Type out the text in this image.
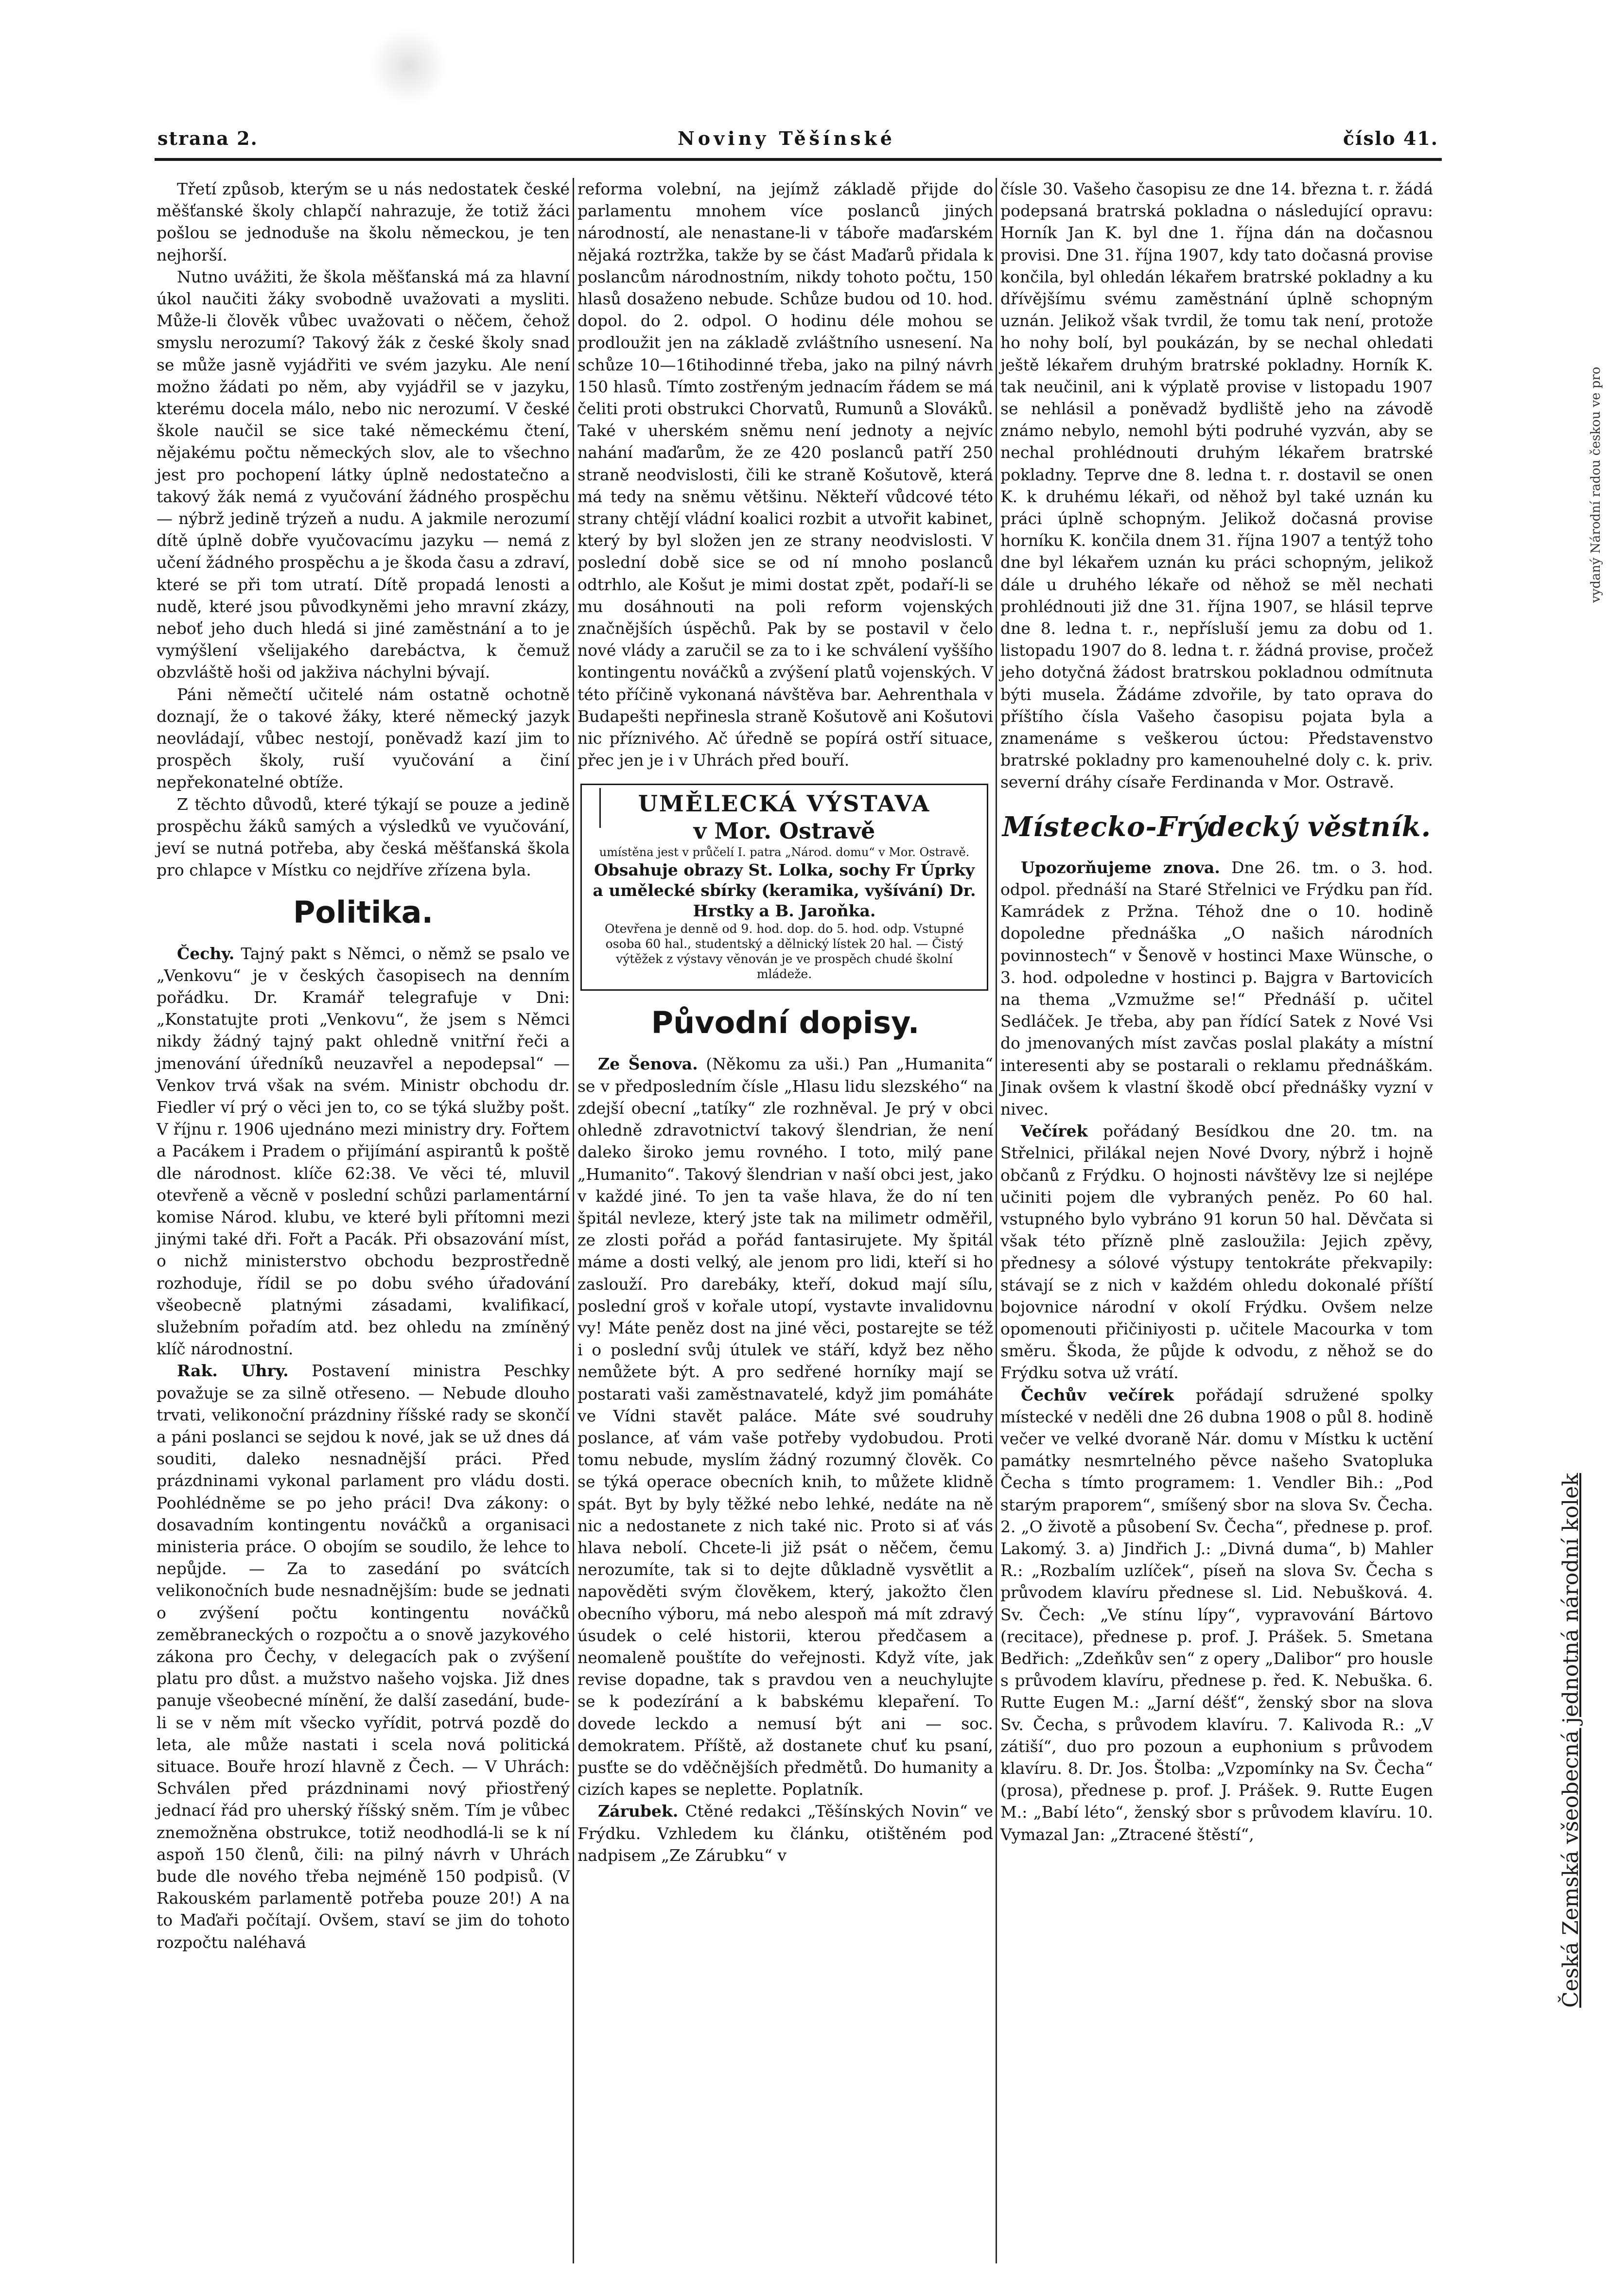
strana 2.	Noviny Těšínské	číslo 41.

Třetí způsob, kterým se u nás nedostatek české měšťanské školy chlapčí nahrazuje, že totiž žáci pošlou se jednoduše na školu německou, je ten nejhorší.

Nutno uvážiti, že škola měšťanská má za hlavní úkol naučiti žáky svobodně uvažovati a mysliti. Může-li člověk vůbec uvažovati o něčem, čehož smyslu nerozumí? Takový žák z české školy snad se může jasně vyjádřiti ve svém jazyku. Ale není možno žádati po něm, aby vyjádřil se v jazyku, kterému docela málo, nebo nic nerozumí. V české škole naučil se sice také německému čtení, nějakému počtu německých slov, ale to všechno jest pro pochopení látky úplně nedostatečno a takový žák nemá z vyučování žádného prospěchu — nýbrž jedině trýzeň a nudu. A jakmile nerozumí dítě úplně dobře vyučovacímu jazyku — nemá z učení žádného prospěchu a je škoda času a zdraví, které se při tom utratí. Dítě propadá lenosti a nudě, které jsou původkyněmi jeho mravní zkázy, neboť jeho duch hledá si jiné zaměstnání a to je vymýšlení všelijakého darebáctva, k čemuž obzvláště hoši od jakživa náchylni bývají.

Páni němečtí učitelé nám ostatně ochotně doznají, že o takové žáky, které německý jazyk neovládají, vůbec nestojí, poněvadž kazí jim to prospěch školy, ruší vyučování a činí nepřekonatelné obtíže.

Z těchto důvodů, které týkají se pouze a jedině prospěchu žáků samých a výsledků ve vyučování, jeví se nutná potřeba, aby česká měšťanská škola pro chlapce v Místku co nejdříve zřízena byla.

Politika.

Čechy. Tajný pakt s Němci, o němž se psalo ve „Venkovu“ je v českých časopisech na denním pořádku. Dr. Kramář telegrafuje v Dni: „Konstatujte proti „Venkovu“, že jsem s Němci nikdy žádný tajný pakt ohledně vnitřní řeči a jmenování úředníků neuzavřel a nepodepsal“ — Venkov trvá však na svém. Ministr obchodu dr. Fiedler ví prý o věci jen to, co se týká služby pošt. V říjnu r. 1906 ujednáno mezi ministry dry. Fořtem a Pacákem i Pradem o přijímání aspirantů k poště dle národnost. klíče 62:38. Ve věci té, mluvil otevřeně a věcně v poslední schůzi parlamentární komise Národ. klubu, ve které byli přítomni mezi jinými také dři. Fořt a Pacák. Při obsazování míst, o nichž ministerstvo obchodu bezprostředně rozhoduje, řídil se po dobu svého úřadování všeobecně platnými zásadami, kvalifikací, služebním pořadím atd. bez ohledu na zmíněný klíč národnostní.

Rak. Uhry. Postavení ministra Peschky považuje se za silně otřeseno. — Nebude dlouho trvati, velikonoční prázdniny říšské rady se skončí a páni poslanci se sejdou k nové, jak se už dnes dá souditi, daleko nesnadnější práci. Před prázdninami vykonal parlament pro vládu dosti. Poohlédněme se po jeho práci! Dva zákony: o dosavadním kontingentu nováčků a organisaci ministeria práce. O obojím se soudilo, že lehce to nepůjde. — Za to zasedání po svátcích velikonočních bude nesnadnějším: bude se jednati o zvýšení počtu kontingentu nováčků zeměbraneckých o rozpočtu a o snově jazykového zákona pro Čechy, v delegacích pak o zvýšení platu pro důst. a mužstvo našeho vojska. Již dnes panuje všeobecné mínění, že další zasedání, bude-li se v něm mít všecko vyřídit, potrvá pozdě do leta, ale může nastati i scela nová politická situace. Bouře hrozí hlavně z Čech. — V Uhrách: Schválen před prázdninami nový přiostřený jednací řád pro uherský říšský sněm. Tím je vůbec znemožněna obstrukce, totiž neodhodlá-li se k ní aspoň 150 členů, čili: na pilný návrh v Uhrách bude dle nového třeba nejméně 150 podpisů. (V Rakouském parlamentě potřeba pouze 20!) A na to Maďaři počítají. Ovšem, staví se jim do tohoto rozpočtu naléhavá

reforma volební, na jejímž základě přijde do parlamentu mnohem více poslanců jiných národností, ale nenastane-li v táboře maďarském nějaká roztržka, takže by se část Maďarů přidala k poslancům národnostním, nikdy tohoto počtu, 150 hlasů dosaženo nebude. Schůze budou od 10. hod. dopol. do 2. odpol. O hodinu déle mohou se prodloužit jen na základě zvláštního usnesení. Na schůze 10—16tihodinné třeba, jako na pilný návrh 150 hlasů. Tímto zostřeným jednacím řádem se má čeliti proti obstrukci Chorvatů, Rumunů a Slováků. Také v uherském sněmu není jednoty a nejvíc nahání maďarům, že ze 420 poslanců patří 250 straně neodvislosti, čili ke straně Košutově, která má tedy na sněmu většinu. Někteří vůdcové této strany chtějí vládní koalici rozbit a utvořit kabinet, který by byl složen jen ze strany neodvislosti. V poslední době sice se od ní mnoho poslanců odtrhlo, ale Košut je mimi dostat zpět, podaří-li se mu dosáhnouti na poli reform vojenských značnějších úspěchů. Pak by se postavil v čelo nové vlády a zaručil se za to i ke schválení vyššího kontingentu nováčků a zvýšení platů vojenských. V této příčině vykonaná návštěva bar. Aehrenthala v Budapešti nepřinesla straně Košutově ani Košutovi nic příznivého. Ač úředně se popírá ostří situace, přec jen je i v Uhrách před bouří.

UMĚLECKÁ VÝSTAVA
v Mor. Ostravě
umístěna jest v průčelí I. patra „Národ. domu“ v Mor. Ostravě.
Obsahuje obrazy St. Lolka, sochy Fr Úprky a umělecké sbírky (keramika, vyšívání) Dr. Hrstky a B. Jaroňka.
Otevřena je denně od 9. hod. dop. do 5. hod. odp. Vstupné osoba 60 hal., studentský a dělnický lístek 20 hal. — Čistý výtěžek z výstavy věnován je ve prospěch chudé školní mládeže.
Původní dopisy.

Ze Šenova. (Někomu za uši.) Pan „Humanita“ se v předposledním čísle „Hlasu lidu slezského“ na zdejší obecní „tatíky“ zle rozhněval. Je prý v obci ohledně zdravotnictví takový šlendrian, že není daleko široko jemu rovného. I toto, milý pane „Humanito“. Takový šlendrian v naší obci jest, jako v každé jiné. To jen ta vaše hlava, že do ní ten špitál nevleze, který jste tak na milimetr odměřil, ze zlosti pořád a pořád fantasirujete. My špitál máme a dosti velký, ale jenom pro lidi, kteří si ho zaslouží. Pro darebáky, kteří, dokud mají sílu, poslední groš v kořale utopí, vystavte invalidovnu vy! Máte peněz dost na jiné věci, postarejte se též i o poslední svůj útulek ve stáří, když bez něho nemůžete být. A pro sedřené horníky mají se postarati vaši zaměstnavatelé, když jim pomáháte ve Vídni stavět paláce. Máte své soudruhy poslance, ať vám vaše potřeby vydobudou. Proti tomu nebude, myslím žádný rozumný člověk. Co se týká operace obecních knih, to můžete klidně spát. Byt by byly těžké nebo lehké, nedáte na ně nic a nedostanete z nich také nic. Proto si ať vás hlava nebolí. Chcete-li již psát o něčem, čemu nerozumíte, tak si to dejte důkladně vysvětlit a napověděti svým člověkem, který, jakožto člen obecního výboru, má nebo alespoň má mít zdravý úsudek o celé historii, kterou předčasem a neomaleně pouštíte do veřejnosti. Když víte, jak revise dopadne, tak s pravdou ven a neuchylujte se k podezírání a k babskému klepaření. To dovede leckdo a nemusí být ani — soc. demokratem. Příště, až dostanete chuť ku psaní, pusťte se do vděčnějších předmětů. Do humanity a cizích kapes se neplette. Poplatník.

Zárubek. Ctěné redakci „Těšínských Novin“ ve Frýdku. Vzhledem ku článku, otištěném pod nadpisem „Ze Zárubku“ v

čísle 30. Vašeho časopisu ze dne 14. března t. r. žádá podepsaná bratrská pokladna o následující opravu: Horník Jan K. byl dne 1. října dán na dočasnou provisi. Dne 31. října 1907, kdy tato dočasná provise končila, byl ohledán lékařem bratrské pokladny a ku dřívějšímu svému zaměstnání úplně schopným uznán. Jelikož však tvrdil, že tomu tak není, protože ho nohy bolí, byl poukázán, by se nechal ohledati ještě lékařem druhým bratrské pokladny. Horník K. tak neučinil, ani k výplatě provise v listopadu 1907 se nehlásil a poněvadž bydliště jeho na závodě známo nebylo, nemohl býti podruhé vyzván, aby se nechal prohlédnouti druhým lékařem bratrské pokladny. Teprve dne 8. ledna t. r. dostavil se onen K. k druhému lékaři, od něhož byl také uznán ku práci úplně schopným. Jelikož dočasná provise horníku K. končila dnem 31. října 1907 a tentýž toho dne byl lékařem uznán ku práci schopným, jelikož dále u druhého lékaře od něhož se měl nechati prohlédnouti již dne 31. října 1907, se hlásil teprve dne 8. ledna t. r., nepřísluší jemu za dobu od 1. listopadu 1907 do 8. ledna t. r. žádná provise, pročež jeho dotyčná žádost bratrskou pokladnou odmítnuta býti musela. Žádáme zdvořile, by tato oprava do příštího čísla Vašeho časopisu pojata byla a znamenáme s veškerou úctou: Představenstvo bratrské pokladny pro kamenouhelné doly c. k. priv. severní dráhy císaře Ferdinanda v Mor. Ostravě.

Místecko-Frýdecký věstník.

Upozorňujeme znova. Dne 26. tm. o 3. hod. odpol. přednáší na Staré Střelnici ve Frýdku pan říd. Kamrádek z Pržna. Téhož dne o 10. hodině dopoledne přednáška „O našich národních povinnostech“ v Šenově v hostinci Maxe Wünsche, o 3. hod. odpoledne v hostinci p. Bajgra v Bartovicích na thema „Vzmužme se!“ Přednáší p. učitel Sedláček. Je třeba, aby pan řídící Satek z Nové Vsi do jmenovaných míst zavčas poslal plakáty a místní interesenti aby se postarali o reklamu přednáškám. Jinak ovšem k vlastní škodě obcí přednášky vyzní v nivec.

Večírek pořádaný Besídkou dne 20. tm. na Střelnici, přilákal nejen Nové Dvory, nýbrž i hojně občanů z Frýdku. O hojnosti návštěvy lze si nejlépe učiniti pojem dle vybraných peněz. Po 60 hal. vstupného bylo vybráno 91 korun 50 hal. Děvčata si však této přízně plně zasloužila: Jejich zpěvy, přednesy a sólové výstupy tentokráte překvapily: stávají se z nich v každém ohledu dokonalé příští bojovnice národní v okolí Frýdku. Ovšem nelze opomenouti přičiniyosti p. učitele Macourka v tom směru. Škoda, že půjde k odvodu, z něhož se do Frýdku sotva už vrátí.

Čechův večírek pořádají sdružené spolky místecké v neděli dne 26 dubna 1908 o půl 8. hodině večer ve velké dvoraně Nár. domu v Místku k uctění památky nesmrtelného pěvce našeho Svatopluka Čecha s tímto programem: 1. Vendler Bih.: „Pod starým praporem“, smíšený sbor na slova Sv. Čecha. 2. „O životě a působení Sv. Čecha“, přednese p. prof. Lakomý. 3. a) Jindřich J.: „Divná duma“, b) Mahler R.: „Rozbalím uzlíček“, píseň na slova Sv. Čecha s průvodem klavíru přednese sl. Lid. Nebušková. 4. Sv. Čech: „Ve stínu lípy“, vypravování Bártovo (recitace), přednese p. prof. J. Prášek. 5. Smetana Bedřich: „Zdeňkův sen“ z opery „Dalibor“ pro housle s průvodem klavíru, přednese p. řed. K. Nebuška. 6. Rutte Eugen M.: „Jarní déšť“, ženský sbor na slova Sv. Čecha, s průvodem klavíru. 7. Kalivoda R.: „V zátiší“, duo pro pozoun a euphonium s průvodem klavíru. 8. Dr. Jos. Štolba: „Vzpomínky na Sv. Čecha“ (prosa), přednese p. prof. J. Prášek. 9. Rutte Eugen M.: „Babí léto“, ženský sbor s průvodem klavíru. 10. Vymazal Jan: „Ztracené štěstí“,	Česká Zemská všeobecná jednotná národní kolek
vydaný Národní radou českou ve pro
